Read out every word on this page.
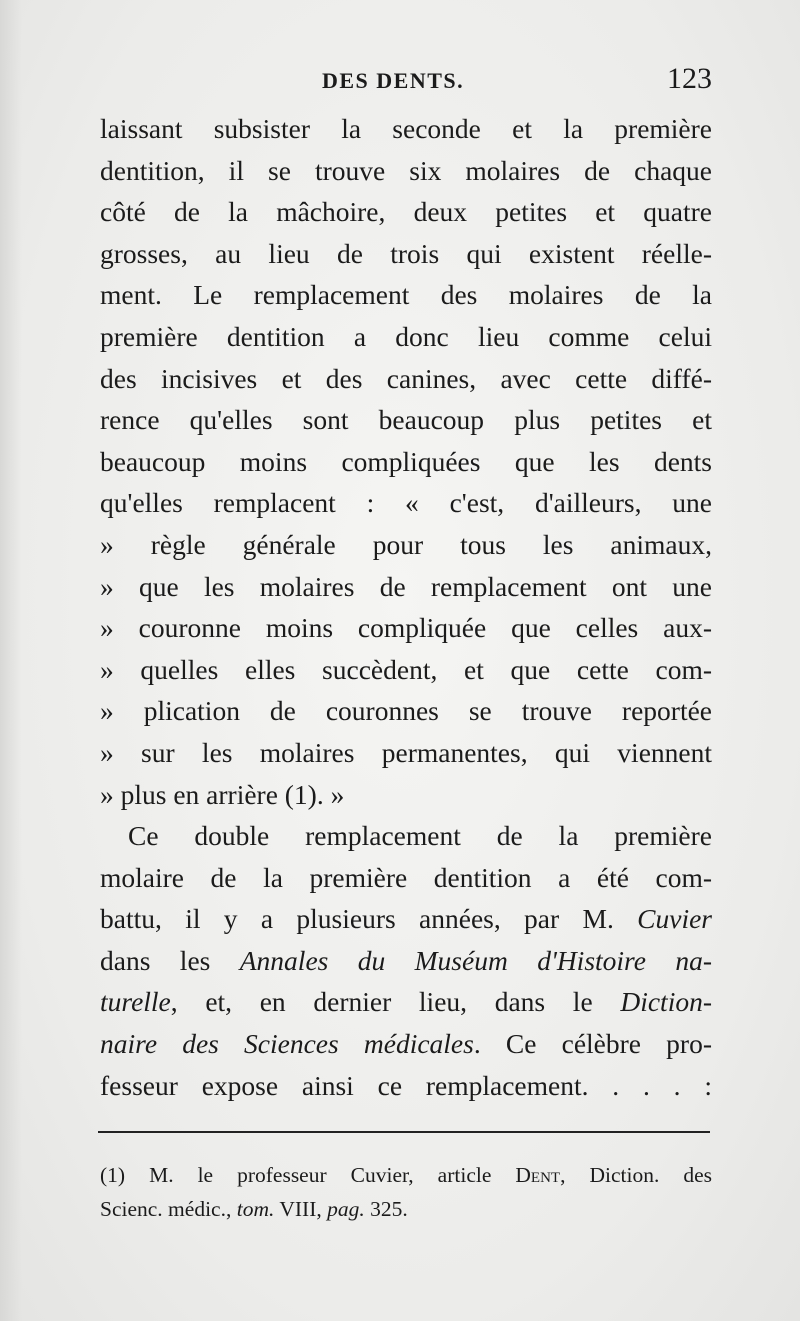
DES DENTS.	123
laissant subsister la seconde et la première
dentition, il se trouve six molaires de chaque
côté de la mâchoire, deux petites et quatre
grosses, au lieu de trois qui existent réelle-
ment. Le remplacement des molaires de la
première dentition a donc lieu comme celui
des incisives et des canines, avec cette diffé-
rence qu'elles sont beaucoup plus petites et
beaucoup moins compliquées que les dents
qu'elles remplacent : « c'est, d'ailleurs, une
» règle générale pour tous les animaux,
» que les molaires de remplacement ont une
» couronne moins compliquée que celles aux-
» quelles elles succèdent, et que cette com-
» plication de couronnes se trouve reportée
» sur les molaires permanentes, qui viennent
» plus en arrière (1). »
Ce double remplacement de la première
molaire de la première dentition a été com-
battu, il y a plusieurs années, par M. Cuvier
dans les Annales du Muséum d'Histoire na-
turelle, et, en dernier lieu, dans le Diction-
naire des Sciences médicales. Ce célèbre pro-
fesseur expose ainsi ce remplacement. . . . :
(1) M. le professeur Cuvier, article Dent, Diction. des
Scienc. médic., tom. VIII, pag. 325.
